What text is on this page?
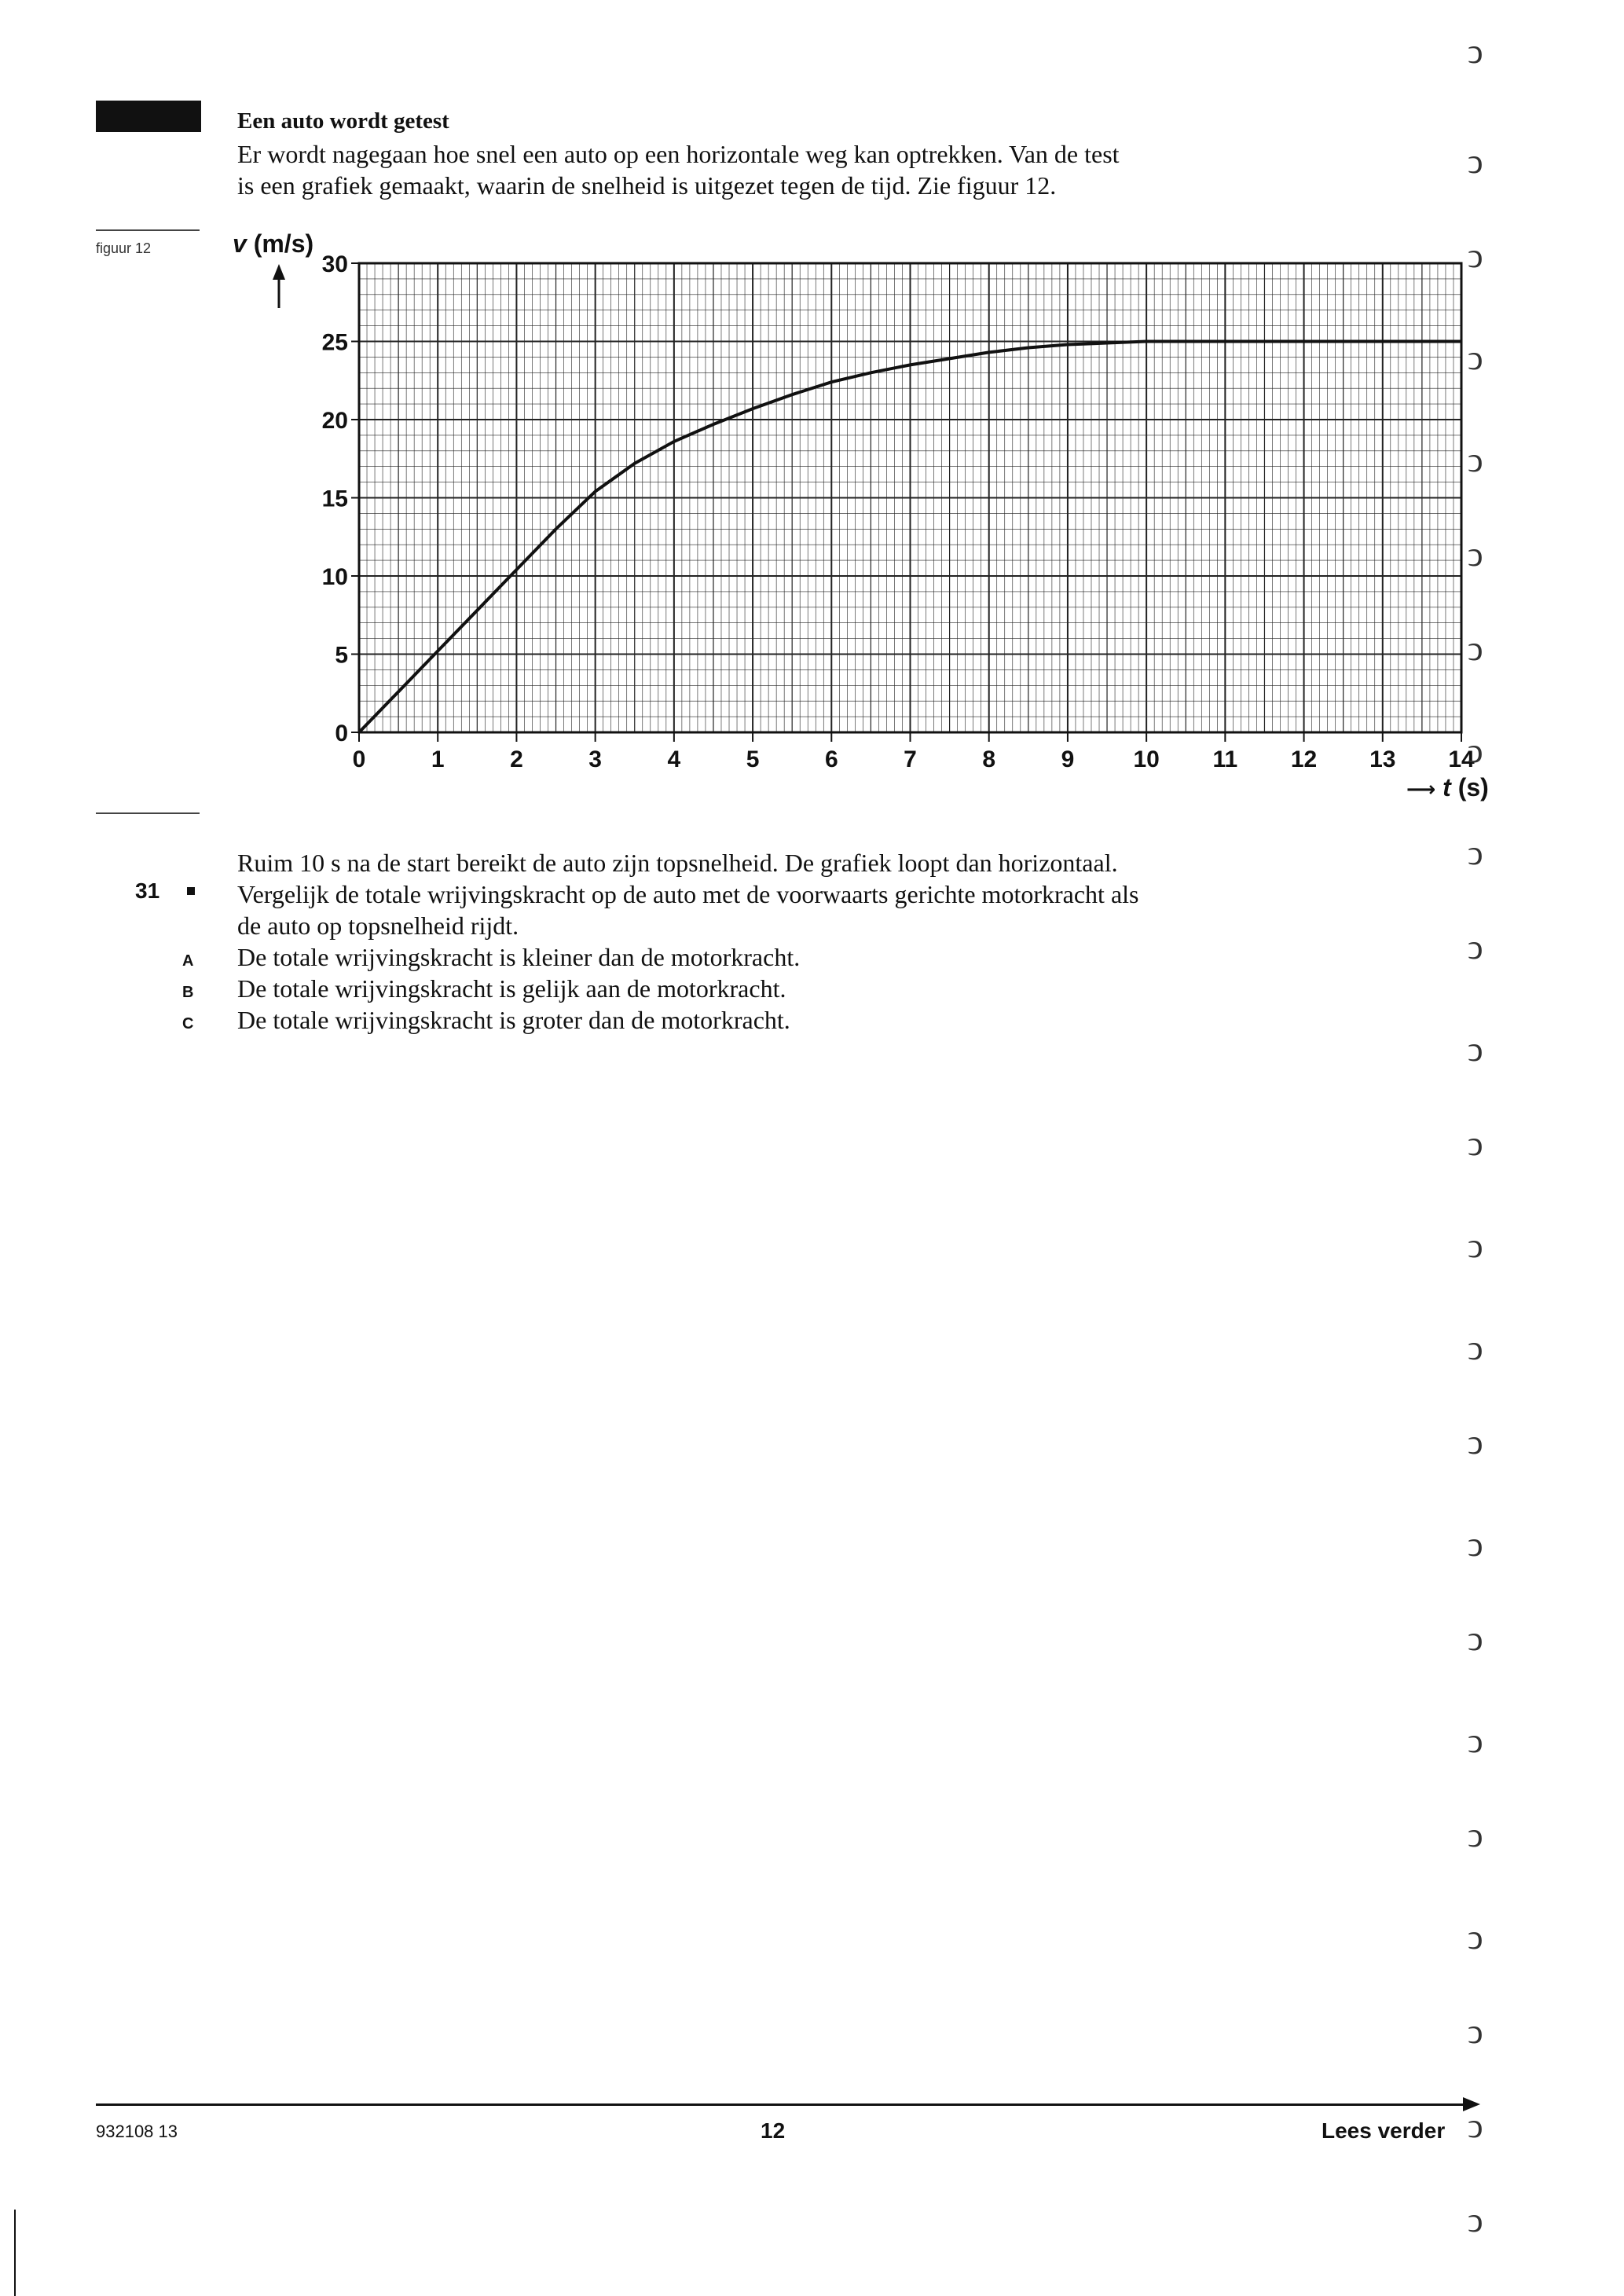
Een auto wordt getest
Er wordt nagegaan hoe snel een auto op een horizontale weg kan optrekken. Van de test
is een grafiek gemaakt, waarin de snelheid is uitgezet tegen de tijd. Zie figuur 12.
figuur 12	v (m/s)
⟶ t (s)
0
5
10
15
20
25
30
0	1	2	3	4	5	6	7	8	9	10 11 12 13 14
Ruim 10 s na de start bereikt de auto zijn topsnelheid. De grafiek loopt dan horizontaal.
31	Vergelijk de totale wrijvingskracht op de auto met de voorwaarts gerichte motorkracht als
de auto op topsnelheid rijdt.
A De totale wrijvingskracht is kleiner dan de motorkracht.
B De totale wrijvingskracht is gelijk aan de motorkracht.
C De totale wrijvingskracht is groter dan de motorkracht.
ↄ
ↄ
ↄ
ↄ
ↄ
ↄ
ↄ
ↄ
ↄ
ↄ
ↄ
ↄ
ↄ
ↄ
ↄ
ↄ
ↄ
ↄ
ↄ
ↄ
ↄ
ↄ
ↄ
932108 13	12	Lees verder
